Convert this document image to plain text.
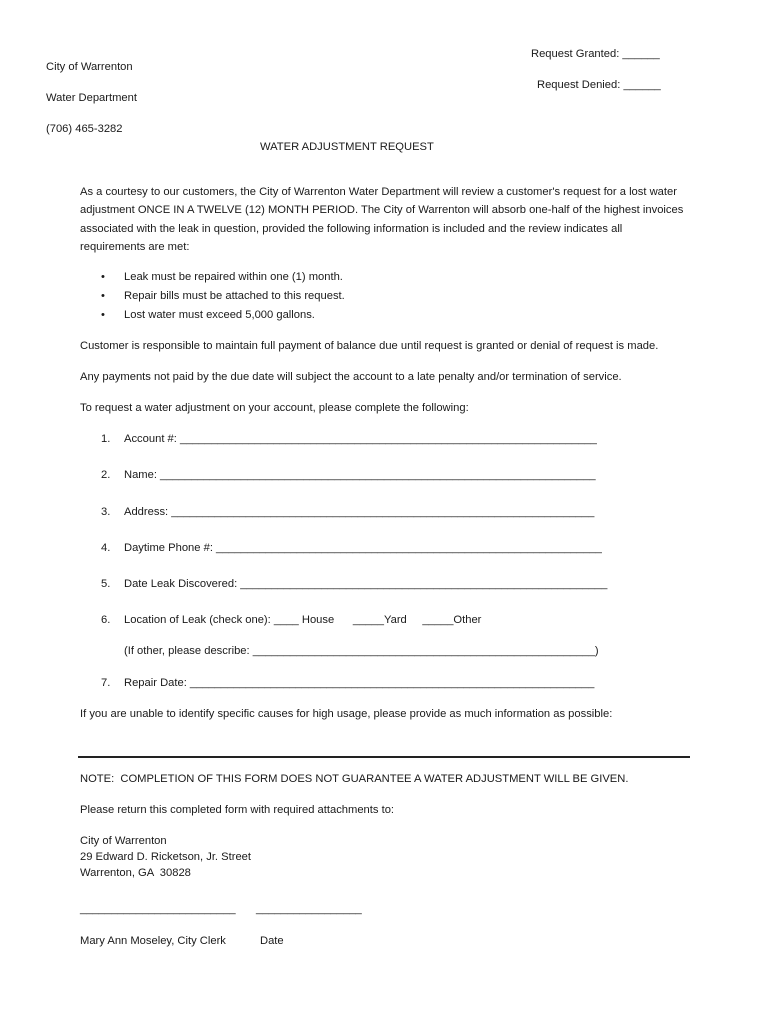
Request Granted: ______
Request Denied: ______
City of Warrenton
Water Department
(706) 465-3282
WATER ADJUSTMENT REQUEST
As a courtesy to our customers, the City of Warrenton Water Department will review a customer's request for a lost water adjustment ONCE IN A TWELVE (12) MONTH PERIOD. The City of Warrenton will absorb one-half of the highest invoices associated with the leak in question, provided the following information is included and the review indicates all requirements are met:
• Leak must be repaired within one (1) month.
• Repair bills must be attached to this request.
• Lost water must exceed 5,000 gallons.
Customer is responsible to maintain full payment of balance due until request is granted or denial of request is made.
Any payments not paid by the due date will subject the account to a late penalty and/or termination of service.
To request a water adjustment on your account, please complete the following:
1. Account #: ___________________________________________________________________
2. Name: ______________________________________________________________________
3. Address: ____________________________________________________________________
4. Daytime Phone #: ______________________________________________________________
5. Date Leak Discovered: ___________________________________________________________
6. Location of Leak (check one): ____ House      _____Yard     _____Other
(If other, please describe: _______________________________________________________)
7. Repair Date: _________________________________________________________________
If you are unable to identify specific causes for high usage, please provide as much information as possible:
NOTE:  COMPLETION OF THIS FORM DOES NOT GUARANTEE A WATER ADJUSTMENT WILL BE GIVEN.
Please return this completed form with required attachments to:
City of Warrenton
29 Edward D. Ricketson, Jr. Street
Warrenton, GA  30828
_________________________ _________________
Mary Ann Moseley, City Clerk	Date
